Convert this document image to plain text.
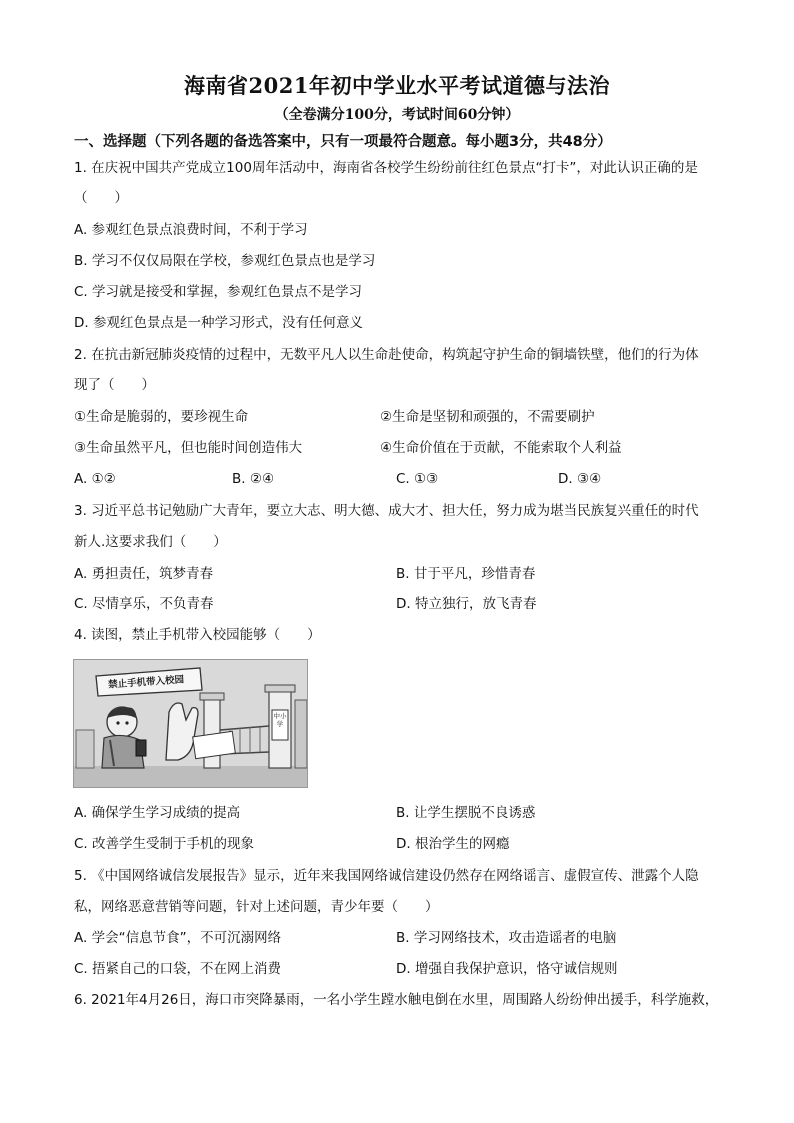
海南省2021年初中学业水平考试道德与法治
（全卷满分100分，考试时间60分钟）
一、选择题（下列各题的备选答案中，只有一项最符合题意。每小题3分，共48分）
1. 在庆祝中国共产党成立100周年活动中，海南省各校学生纷纷前往红色景点“打卡”，对此认识正确的是
（　　）
A. 参观红色景点浪费时间，不利于学习
B. 学习不仅仅局限在学校，参观红色景点也是学习
C. 学习就是接受和掌握，参观红色景点不是学习
D. 参观红色景点是一种学习形式，没有任何意义
2. 在抗击新冠肺炎疫情的过程中，无数平凡人以生命赴使命，构筑起守护生命的铜墙铁壁，他们的行为体
现了（　　）
①生命是脆弱的，要珍视生命	②生命是坚韧和顽强的，不需要刷护
③生命虽然平凡，但也能时间创造伟大	④生命价值在于贡献，不能索取个人利益
A. ①②	B. ②④	C. ①③	D. ③④
3. 习近平总书记勉励广大青年，要立大志、明大德、成大才、担大任，努力成为堪当民族复兴重任的时代
新人.这要求我们（　　）
A. 勇担责任，筑梦青春	B. 甘于平凡，珍惜青春
C. 尽情享乐，不负青春	D. 特立独行，放飞青春
4. 读图，禁止手机带入校园能够（　　）
禁止手机带入校园
中小学
A. 确保学生学习成绩的提高	B. 让学生摆脱不良诱惑
C. 改善学生受制于手机的现象	D. 根治学生的网瘾
5. 《中国网络诚信发展报告》显示，近年来我国网络诚信建设仍然存在网络谣言、虚假宣传、泄露个人隐
私，网络恶意营销等问题，针对上述问题，青少年要（　　）
A. 学会“信息节食”，不可沉溺网络	B. 学习网络技术，攻击造谣者的电脑
C. 捂紧自己的口袋，不在网上消费	D. 增强自我保护意识，恪守诚信规则
6. 2021年4月26日，海口市突降暴雨，一名小学生蹚水触电倒在水里，周围路人纷纷伸出援手，科学施救，
